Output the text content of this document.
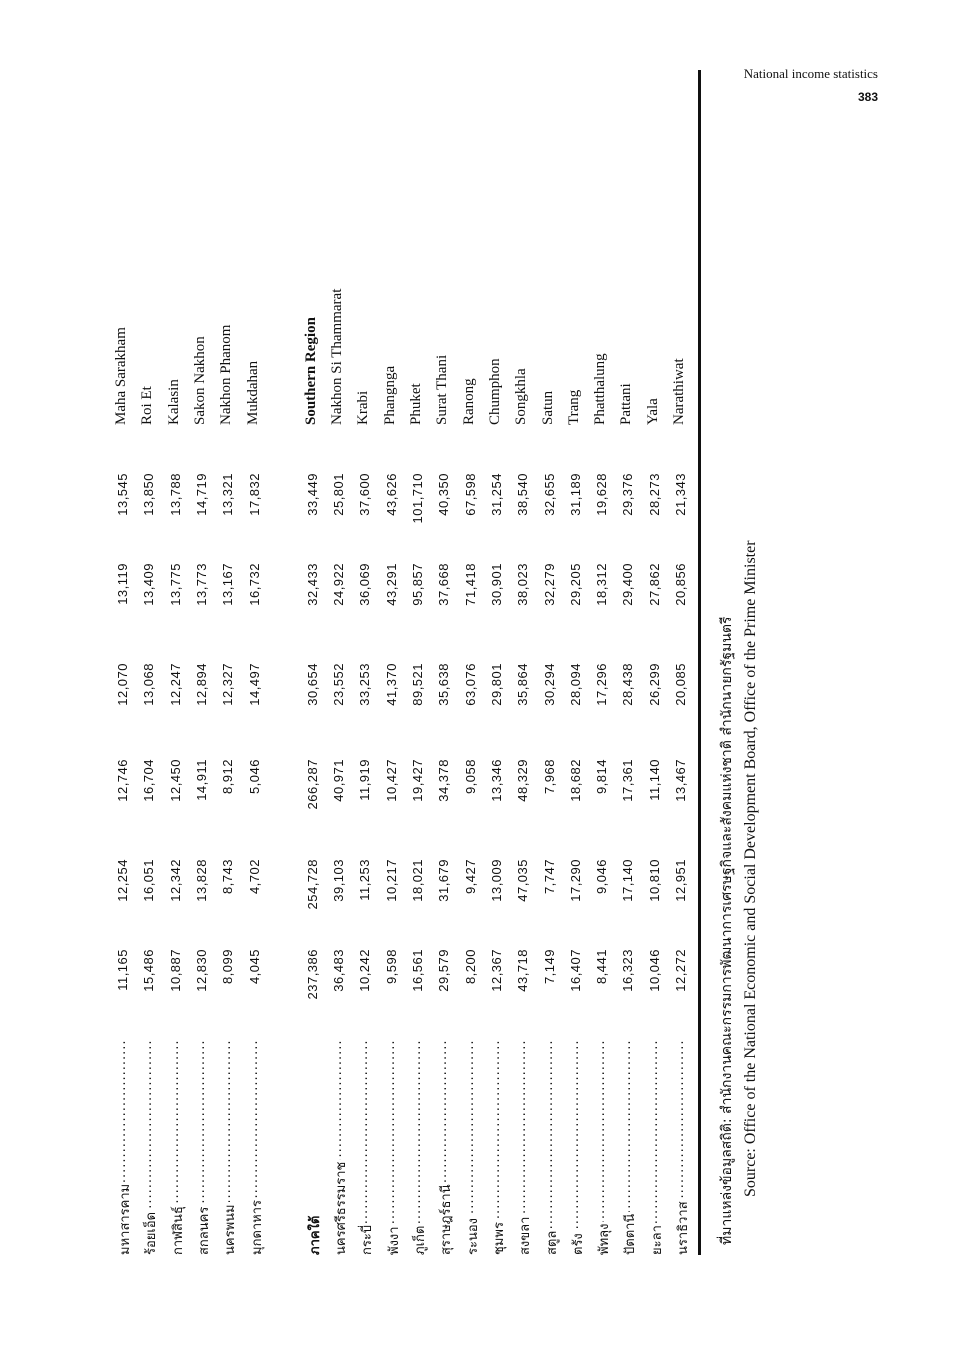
National income statistics
383
มหาสารคาม .....
11,165
12,254
12,746
12,070
13,119
13,545
Maha Sarakham
ร้อยเอ็ด .....
15,486
16,051
16,704
13,068
13,409
13,850
Roi Et
กาฬสินธุ์ .....
10,887
12,342
12,450
12,247
13,775
13,788
Kalasin
สกลนคร .....
12,830
13,828
14,911
12,894
13,773
14,719
Sakon Nakhon
นครพนม .....
8,099
8,743
8,912
12,327
13,167
13,321
Nakhon Phanom
มุกดาหาร .....
4,045
4,702
5,046
14,497
16,732
17,832
Mukdahan
ภาคใต้
237,386
254,728
266,287
30,654
32,433
33,449
Southern Region
นครศรีธรรมราช .....
36,483
39,103
40,971
23,552
24,922
25,801
Nakhon Si Thammarat
กระบี่ .....
10,242
11,253
11,919
33,253
36,069
37,600
Krabi
พังงา .....
9,598
10,217
10,427
41,370
43,291
43,626
Phangnga
ภูเก็ต .....
16,561
18,021
19,427
89,521
95,857
101,710
Phuket
สุราษฎร์ธานี .....
29,579
31,679
34,378
35,638
37,668
40,350
Surat Thani
ระนอง .....
8,200
9,427
9,058
63,076
71,418
67,598
Ranong
ชุมพร .....
12,367
13,009
13,346
29,801
30,901
31,254
Chumphon
สงขลา .....
43,718
47,035
48,329
35,864
38,023
38,540
Songkhla
สตูล .....
7,149
7,747
7,968
30,294
32,279
32,655
Satun
ตรัง .....
16,407
17,290
18,682
28,094
29,205
31,189
Trang
พัทลุง .....
8,441
9,046
9,814
17,296
18,312
19,628
Phatthalung
ปัตตานี .....
16,323
17,140
17,361
28,438
29,400
29,376
Pattani
ยะลา .....
10,046
10,810
11,140
26,299
27,862
28,273
Yala
นราธิวาส .....
12,272
12,951
13,467
20,085
20,856
21,343
Narathiwat
ที่มาแหล่งข้อมูลสถิติ: สำนักงานคณะกรรมการพัฒนาการเศรษฐกิจและสังคมแห่งชาติ สำนักนายกรัฐมนตรี Source: Office of the National Economic and Social Development Board, Office of the Prime Minister
